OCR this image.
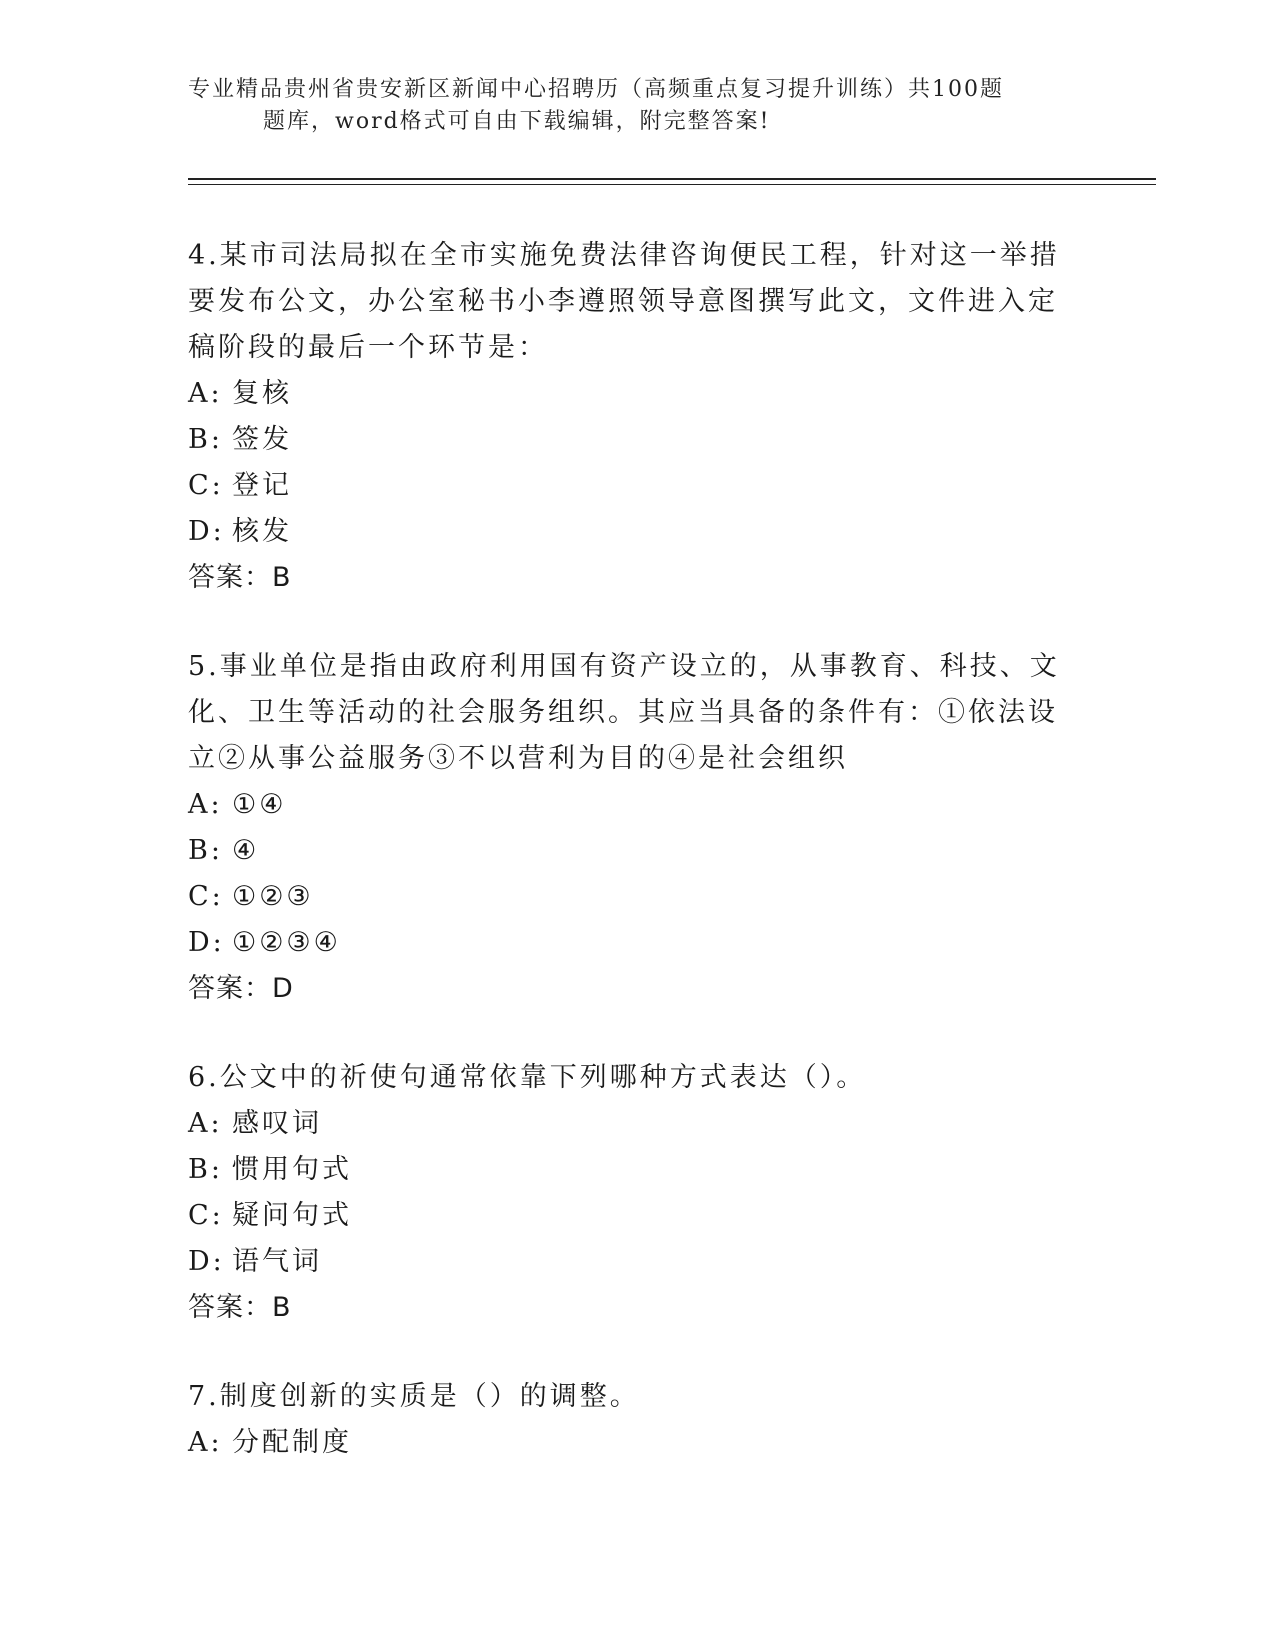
专业精品贵州省贵安新区新闻中心招聘历（高频重点复习提升训练）共100题
题库，word格式可自由下载编辑，附完整答案!

4.某市司法局拟在全市实施免费法律咨询便民工程，针对这一举措要发布公文，办公室秘书小李遵照领导意图撰写此文，文件进入定稿阶段的最后一个环节是：

A: 复核

B: 签发

C: 登记

D: 核发

答案：B

5.事业单位是指由政府利用国有资产设立的，从事教育、科技、文化、卫生等活动的社会服务组织。其应当具备的条件有：①依法设立②从事公益服务③不以营利为目的④是社会组织

A: ①④

B: ④

C: ①②③

D: ①②③④

答案：D

6.公文中的祈使句通常依靠下列哪种方式表达（）。

A: 感叹词

B: 惯用句式

C: 疑问句式

D: 语气词

答案：B

7.制度创新的实质是（）的调整。

A: 分配制度
